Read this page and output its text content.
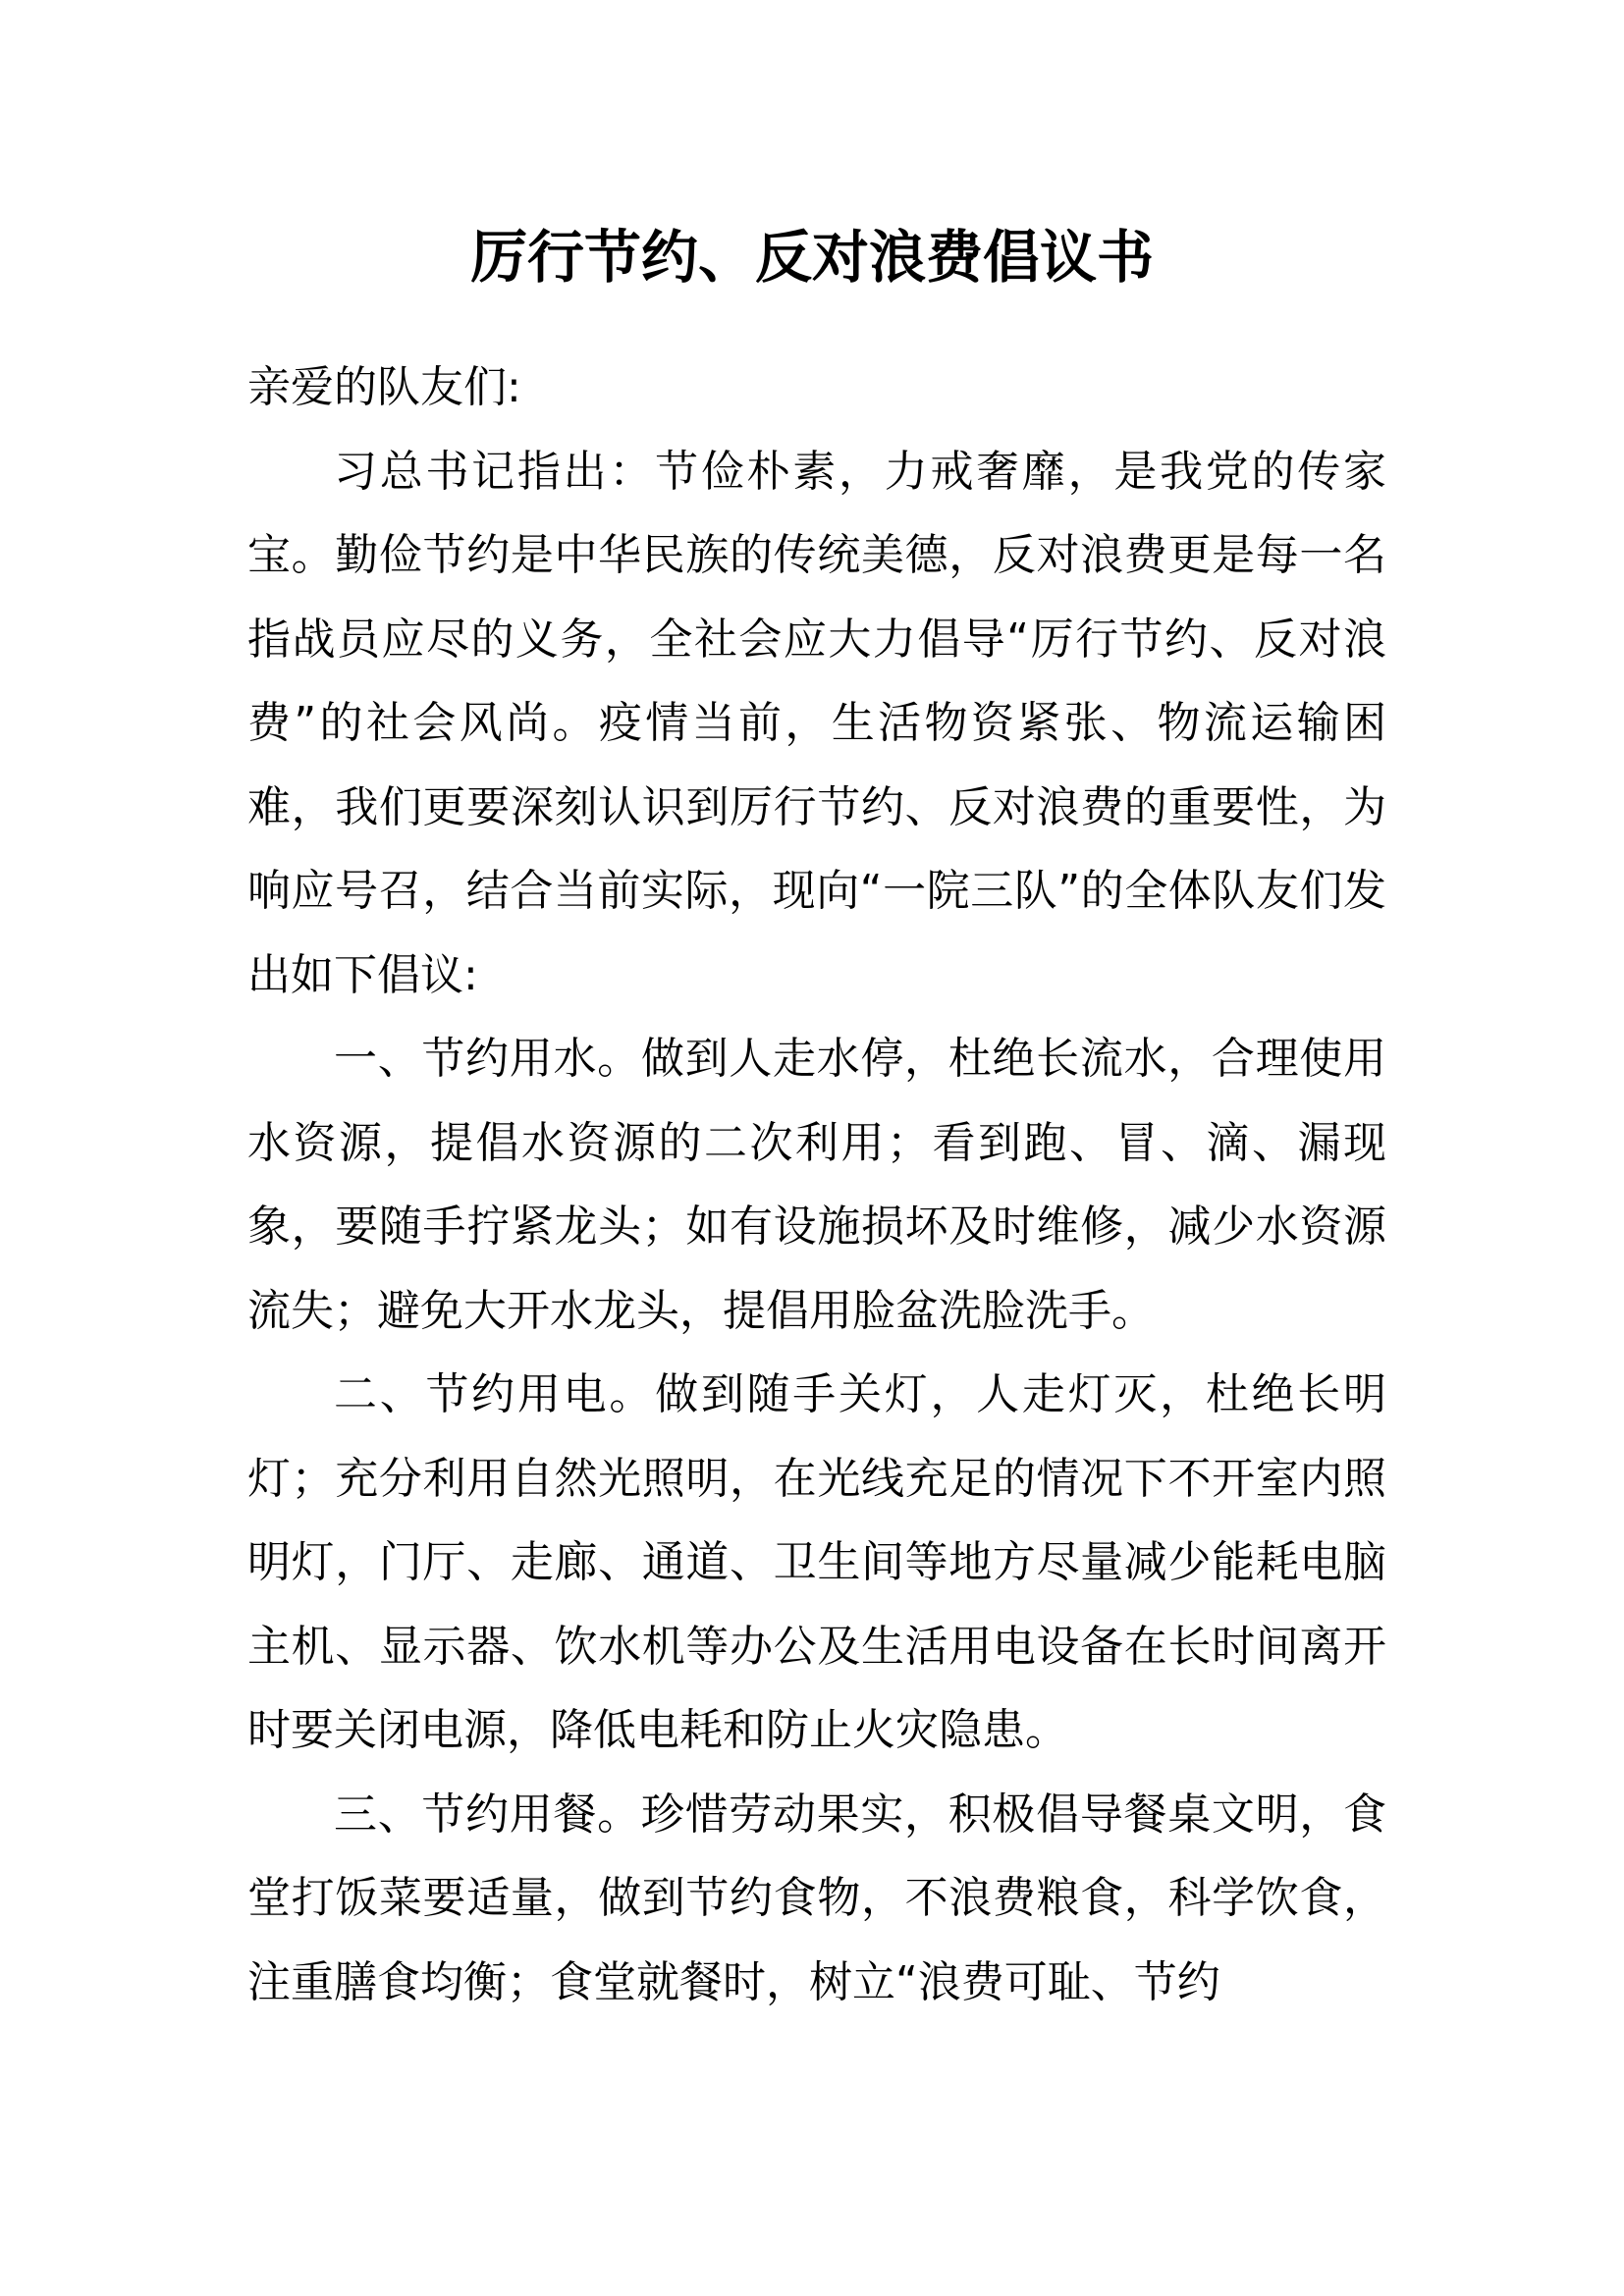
厉行节约、反对浪费倡议书

亲爱的队友们:

习总书记指出：节俭朴素，力戒奢靡，是我党的传家宝。勤俭节约是中华民族的传统美德，反对浪费更是每一名指战员应尽的义务，全社会应大力倡导“厉行节约、反对浪费”的社会风尚。疫情当前，生活物资紧张、物流运输困难，我们更要深刻认识到厉行节约、反对浪费的重要性，为响应号召，结合当前实际，现向“一院三队”的全体队友们发出如下倡议:

一、节约用水。做到人走水停，杜绝长流水，合理使用水资源，提倡水资源的二次利用；看到跑、冒、滴、漏现象，要随手拧紧龙头；如有设施损坏及时维修，减少水资源流失；避免大开水龙头，提倡用脸盆洗脸洗手。

二、节约用电。做到随手关灯，人走灯灭，杜绝长明灯；充分利用自然光照明，在光线充足的情况下不开室内照明灯，门厅、走廊、通道、卫生间等地方尽量减少能耗电脑主机、显示器、饮水机等办公及生活用电设备在长时间离开时要关闭电源，降低电耗和防止火灾隐患。

三、节约用餐。珍惜劳动果实，积极倡导餐桌文明，食堂打饭菜要适量，做到节约食物，不浪费粮食，科学饮食，注重膳食均衡；食堂就餐时，树立“浪费可耻、节约
